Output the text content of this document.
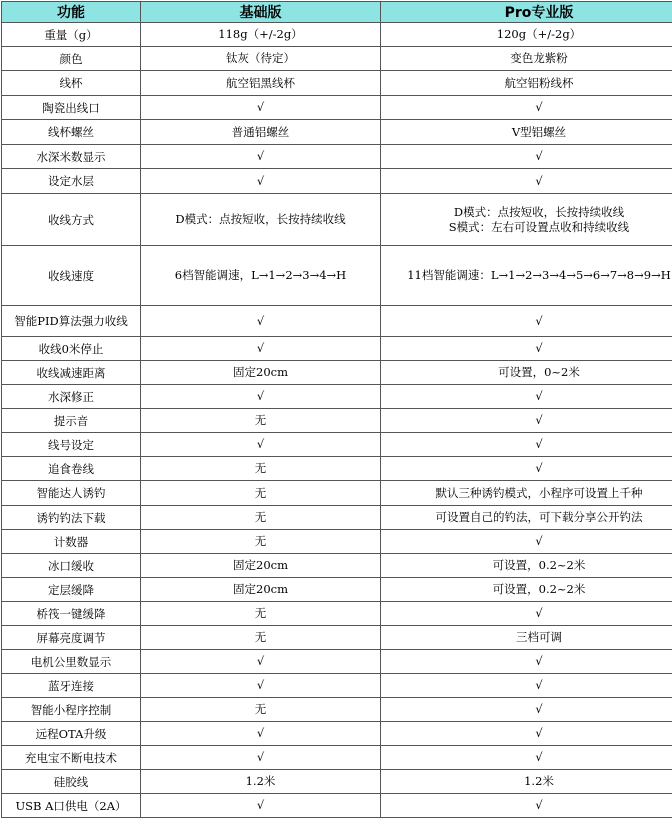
功能	基础版	Pro专业版
重量（g）	118g（+/-2g）	120g（+/-2g）

颜色	钛灰（待定）	变色龙紫粉

线杯	航空铝黑线杯	航空铝粉线杯

陶瓷出线口	√	√

线杯螺丝	普通铝螺丝	V型铝螺丝

水深米数显示	√	√

设定水层	√	√

收线方式	D模式：点按短收，长按持续收线	D模式：点按短收，长按持续收线
S模式：左右可设置点收和持续收线

收线速度	6档智能调速，L→1→2→3→4→H	11档智能调速：L→1→2→3→4→5→6→7→8→9→H

智能PID算法强力收线	√	√

收线0米停止	√	√

收线减速距离	固定20cm	可设置，0~2米

水深修正	√	√

提示音	无	√

线号设定	√	√

追食卷线	无	√

智能达人诱钓	无	默认三种诱钓模式，小程序可设置上千种

诱钓钓法下载	无	可设置自己的钓法，可下载分享公开钓法

计数器	无	√

冰口缓收	固定20cm	可设置，0.2~2米

定层缓降	固定20cm	可设置，0.2~2米

桥筏一键缓降	无	√

屏幕亮度调节	无	三档可调

电机公里数显示	√	√

蓝牙连接	√	√

智能小程序控制	无	√

远程OTA升级	√	√

充电宝不断电技术	√	√

硅胶线	1.2米	1.2米

USB A口供电（2A）	√	√
